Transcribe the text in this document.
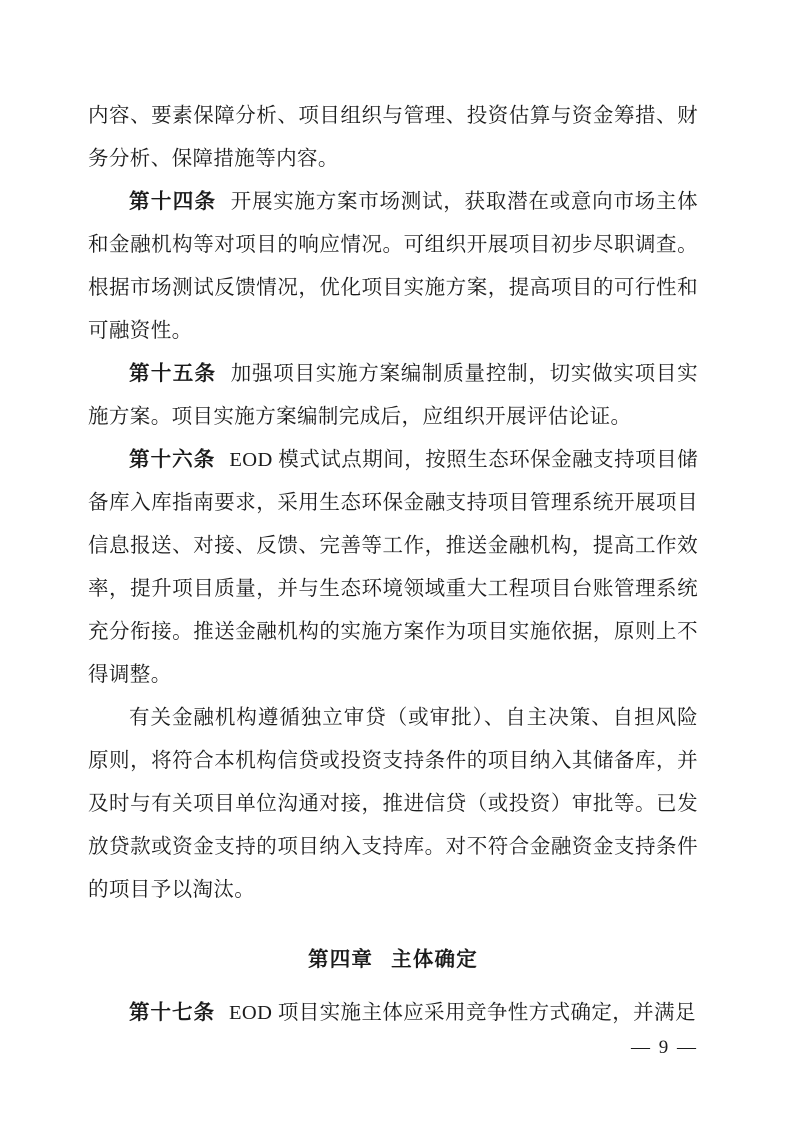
内容、要素保障分析、项目组织与管理、投资估算与资金筹措、财务分析、保障措施等内容。

第十四条 开展实施方案市场测试，获取潜在或意向市场主体和金融机构等对项目的响应情况。可组织开展项目初步尽职调查。根据市场测试反馈情况，优化项目实施方案，提高项目的可行性和可融资性。

第十五条 加强项目实施方案编制质量控制，切实做实项目实施方案。项目实施方案编制完成后，应组织开展评估论证。

第十六条 EOD 模式试点期间，按照生态环保金融支持项目储备库入库指南要求，采用生态环保金融支持项目管理系统开展项目信息报送、对接、反馈、完善等工作，推送金融机构，提高工作效率，提升项目质量，并与生态环境领域重大工程项目台账管理系统充分衔接。推送金融机构的实施方案作为项目实施依据，原则上不得调整。

有关金融机构遵循独立审贷（或审批）、自主决策、自担风险原则，将符合本机构信贷或投资支持条件的项目纳入其储备库，并及时与有关项目单位沟通对接，推进信贷（或投资）审批等。已发放贷款或资金支持的项目纳入支持库。对不符合金融资金支持条件的项目予以淘汰。

第四章 主体确定

第十七条 EOD 项目实施主体应采用竞争性方式确定，并满足

— 9 —
